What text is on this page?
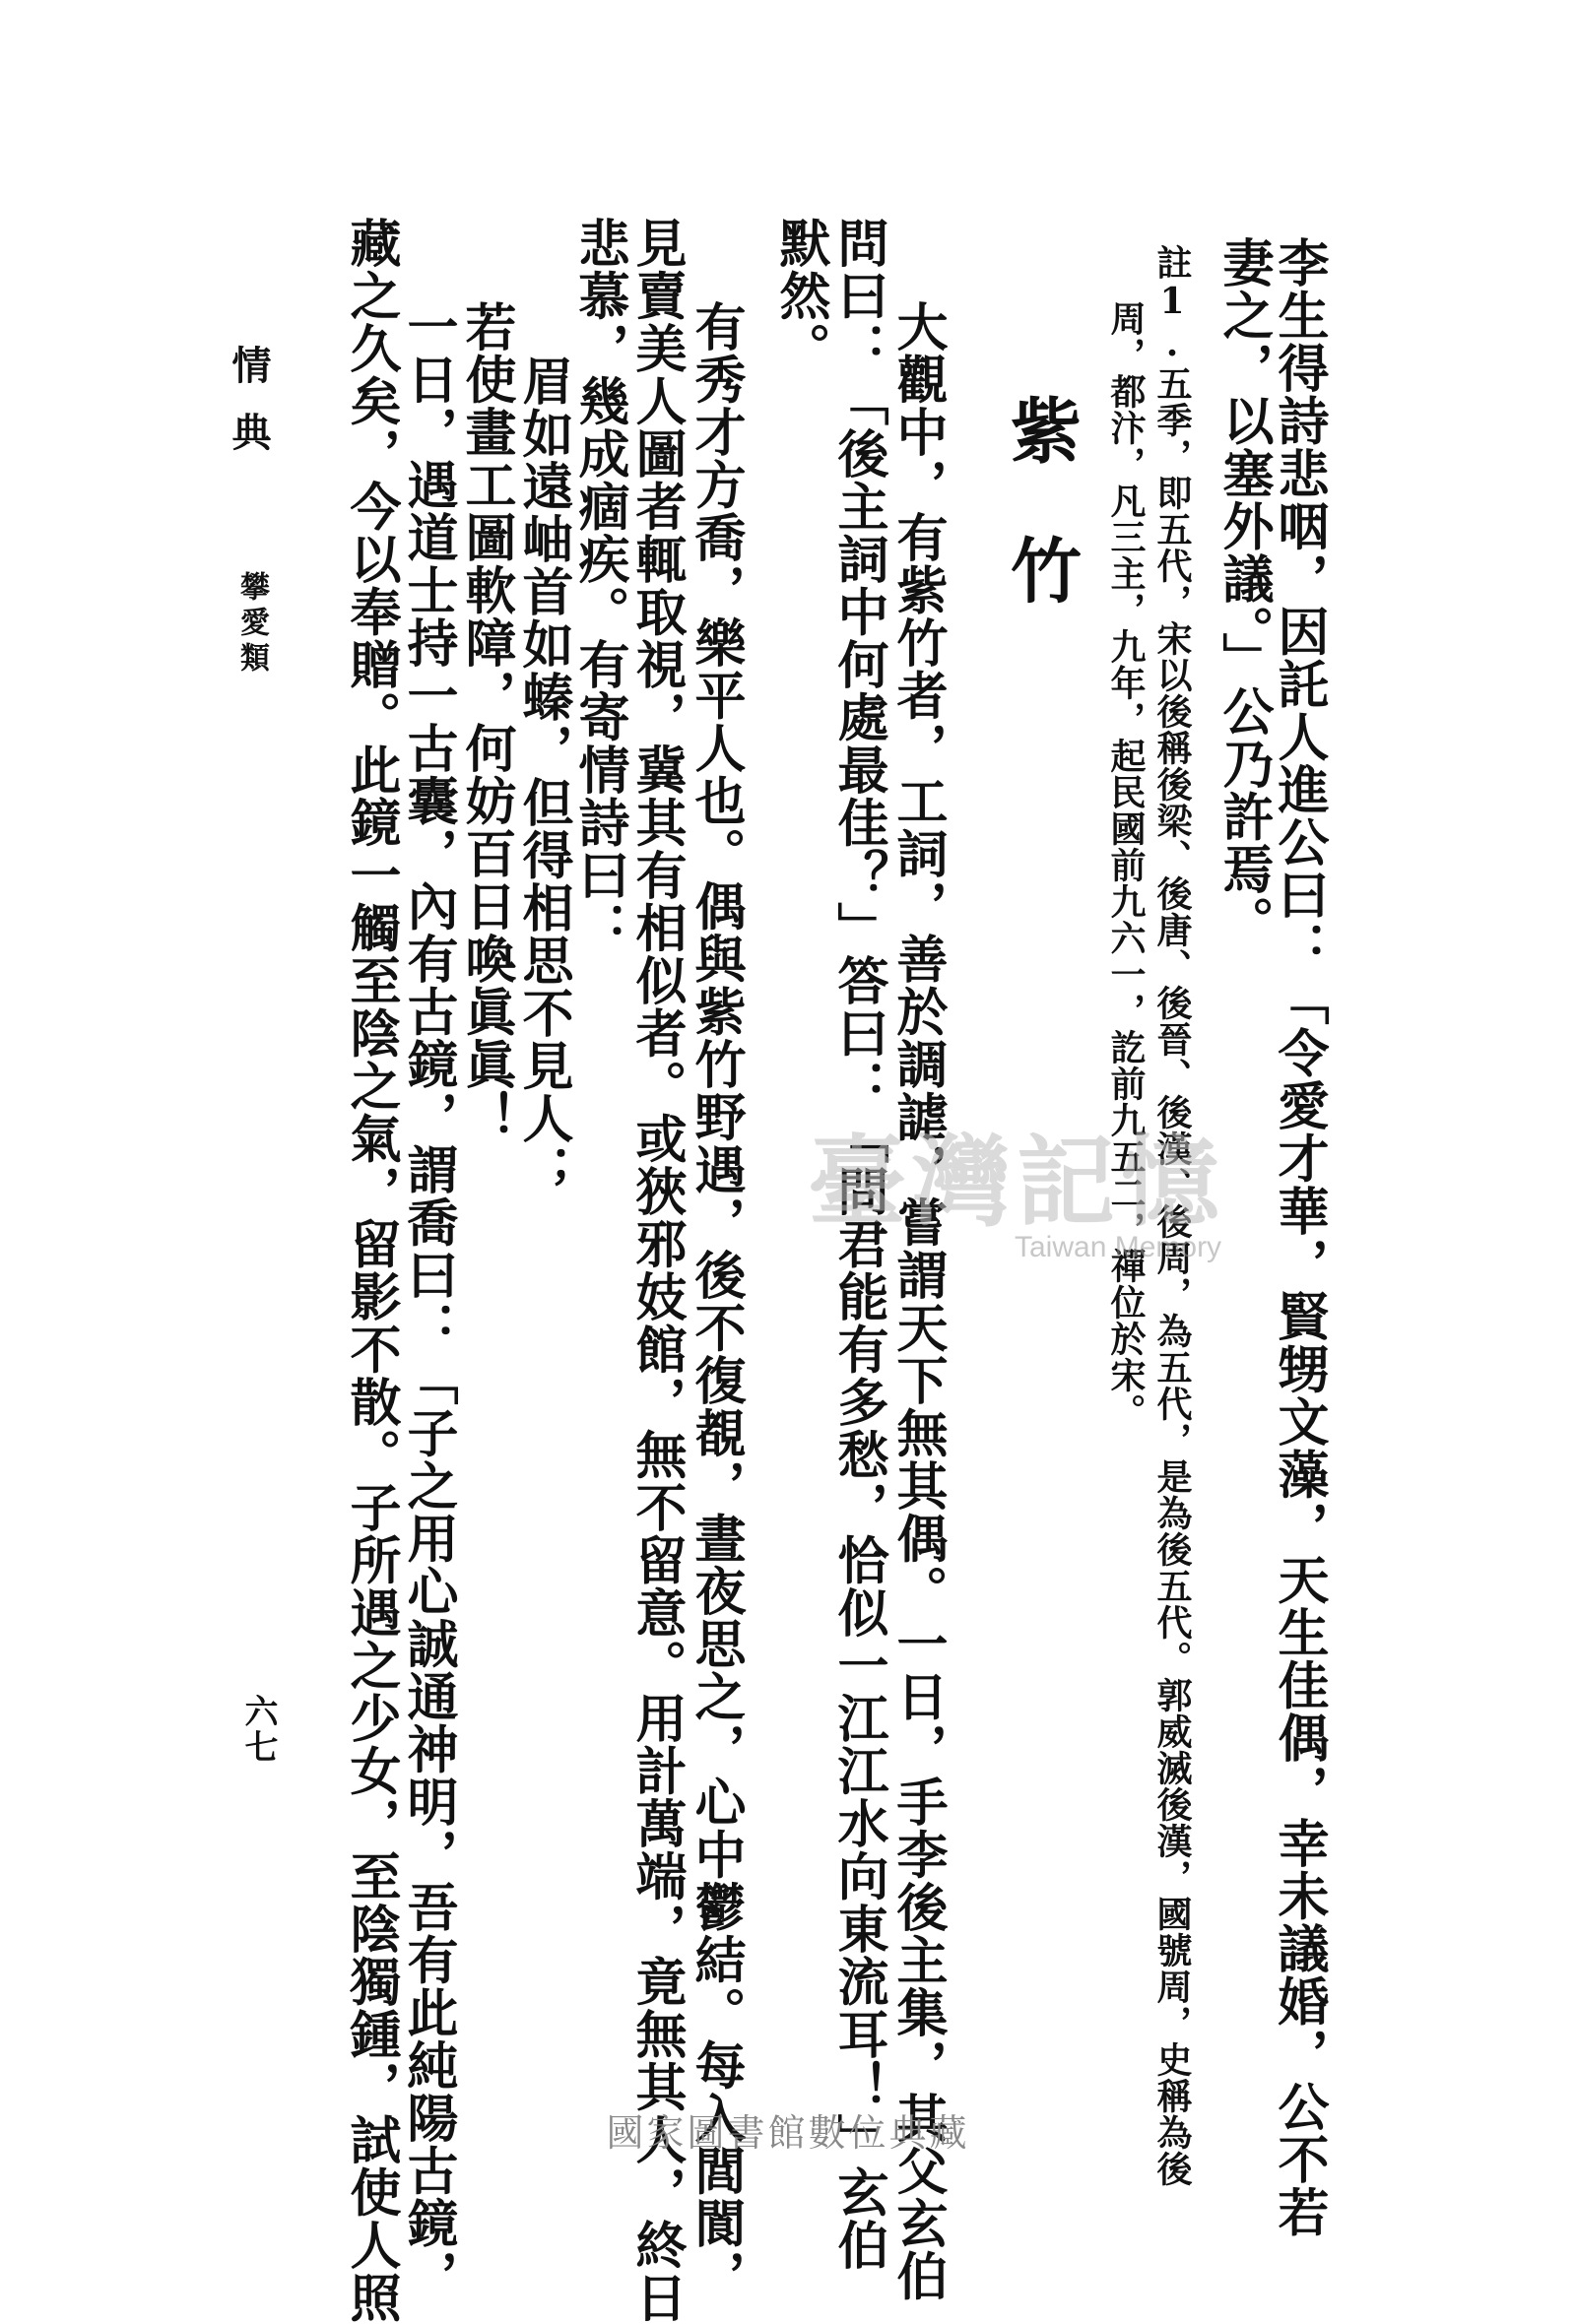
李生得詩悲咽，因託人進公曰：「令愛才華，賢甥文藻，天生佳偶，幸未議婚，公不若
妻之，以塞外議。」公乃許焉。
註1.五季，即五代，宋以後稱後梁、後唐、後晉、後漢、後周，為五代，是為後五代。郭威滅後漢，國號周，史稱為後
周，都汴，凡三主，九年，起民國前九六一，訖前九五二，禪位於宋。
紫竹
大觀中，有紫竹者，工詞，善於調謔，嘗謂天下無其偶。一日，手李後主集，其父玄伯
問曰：「後主詞中何處最佳？」答曰：「問君能有多愁，恰似一江江水向東流耳！」玄伯
默然。
有秀才方喬，樂平人也。偶與紫竹野遇，後不復覩，晝夜思之，心中鬱結。每入閭閬，
見賣美人圖者輒取視，冀其有相似者。或狹邪妓館，無不留意。用計萬端，竟無其人，終日
悲慕，幾成痼疾。有寄情詩曰：
眉如遠岫首如螓，但得相思不見人；
若使畫工圖軟障，何妨百日喚眞眞！
一日，遇道士持一古囊，內有古鏡，謂喬曰：「子之用心誠通神明，吾有此純陽古鏡，
藏之久矣，今以奉贈。此鏡一觸至陰之氣，留影不散。子所遇之少女，至陰獨鍾，試使人照
情典
攀愛類
六七
臺灣記憶
Taiwan Memory
國家圖書館數位典藏
